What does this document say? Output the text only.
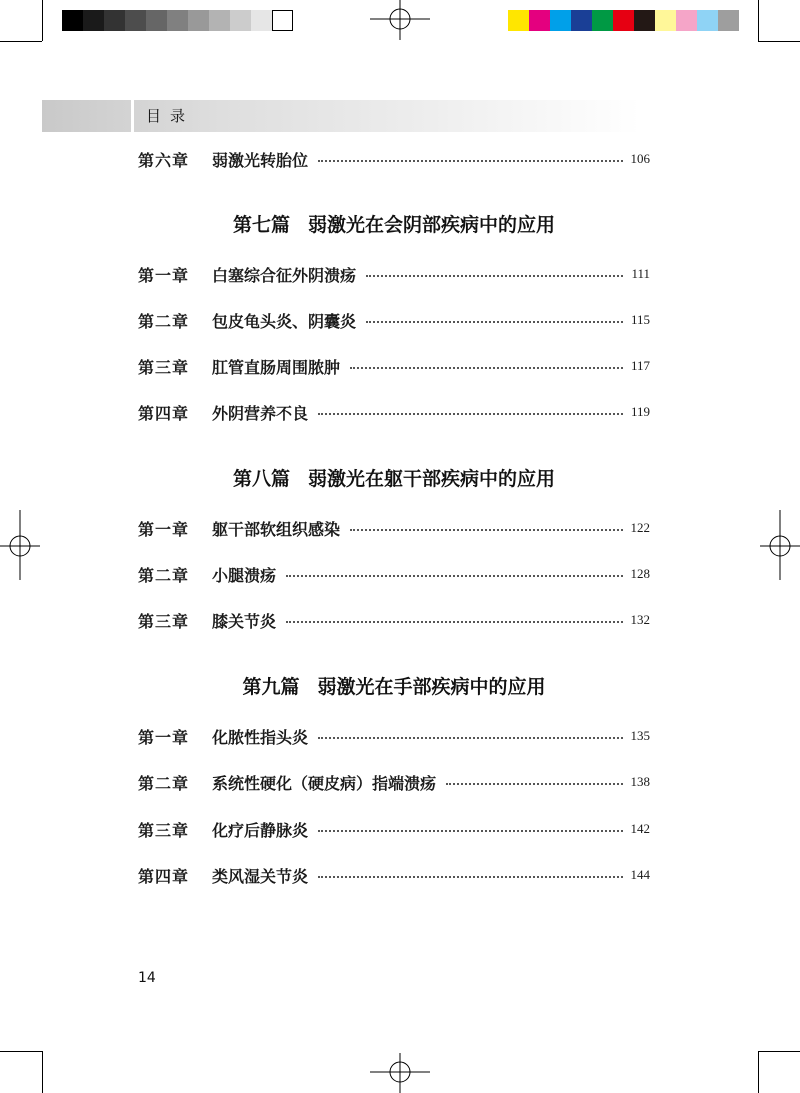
目录
第六章	弱激光转胎位	106
第七篇 弱激光在会阴部疾病中的应用
第一章	白塞综合征外阴溃疡	111
第二章	包皮龟头炎、阴囊炎	115
第三章	肛管直肠周围脓肿	117
第四章	外阴营养不良	119
第八篇 弱激光在躯干部疾病中的应用
第一章	躯干部软组织感染	122
第二章	小腿溃疡	128
第三章	膝关节炎	132
第九篇 弱激光在手部疾病中的应用
第一章	化脓性指头炎	135
第二章	系统性硬化（硬皮病）指端溃疡	138
第三章	化疗后静脉炎	142
第四章	类风湿关节炎	144
14
